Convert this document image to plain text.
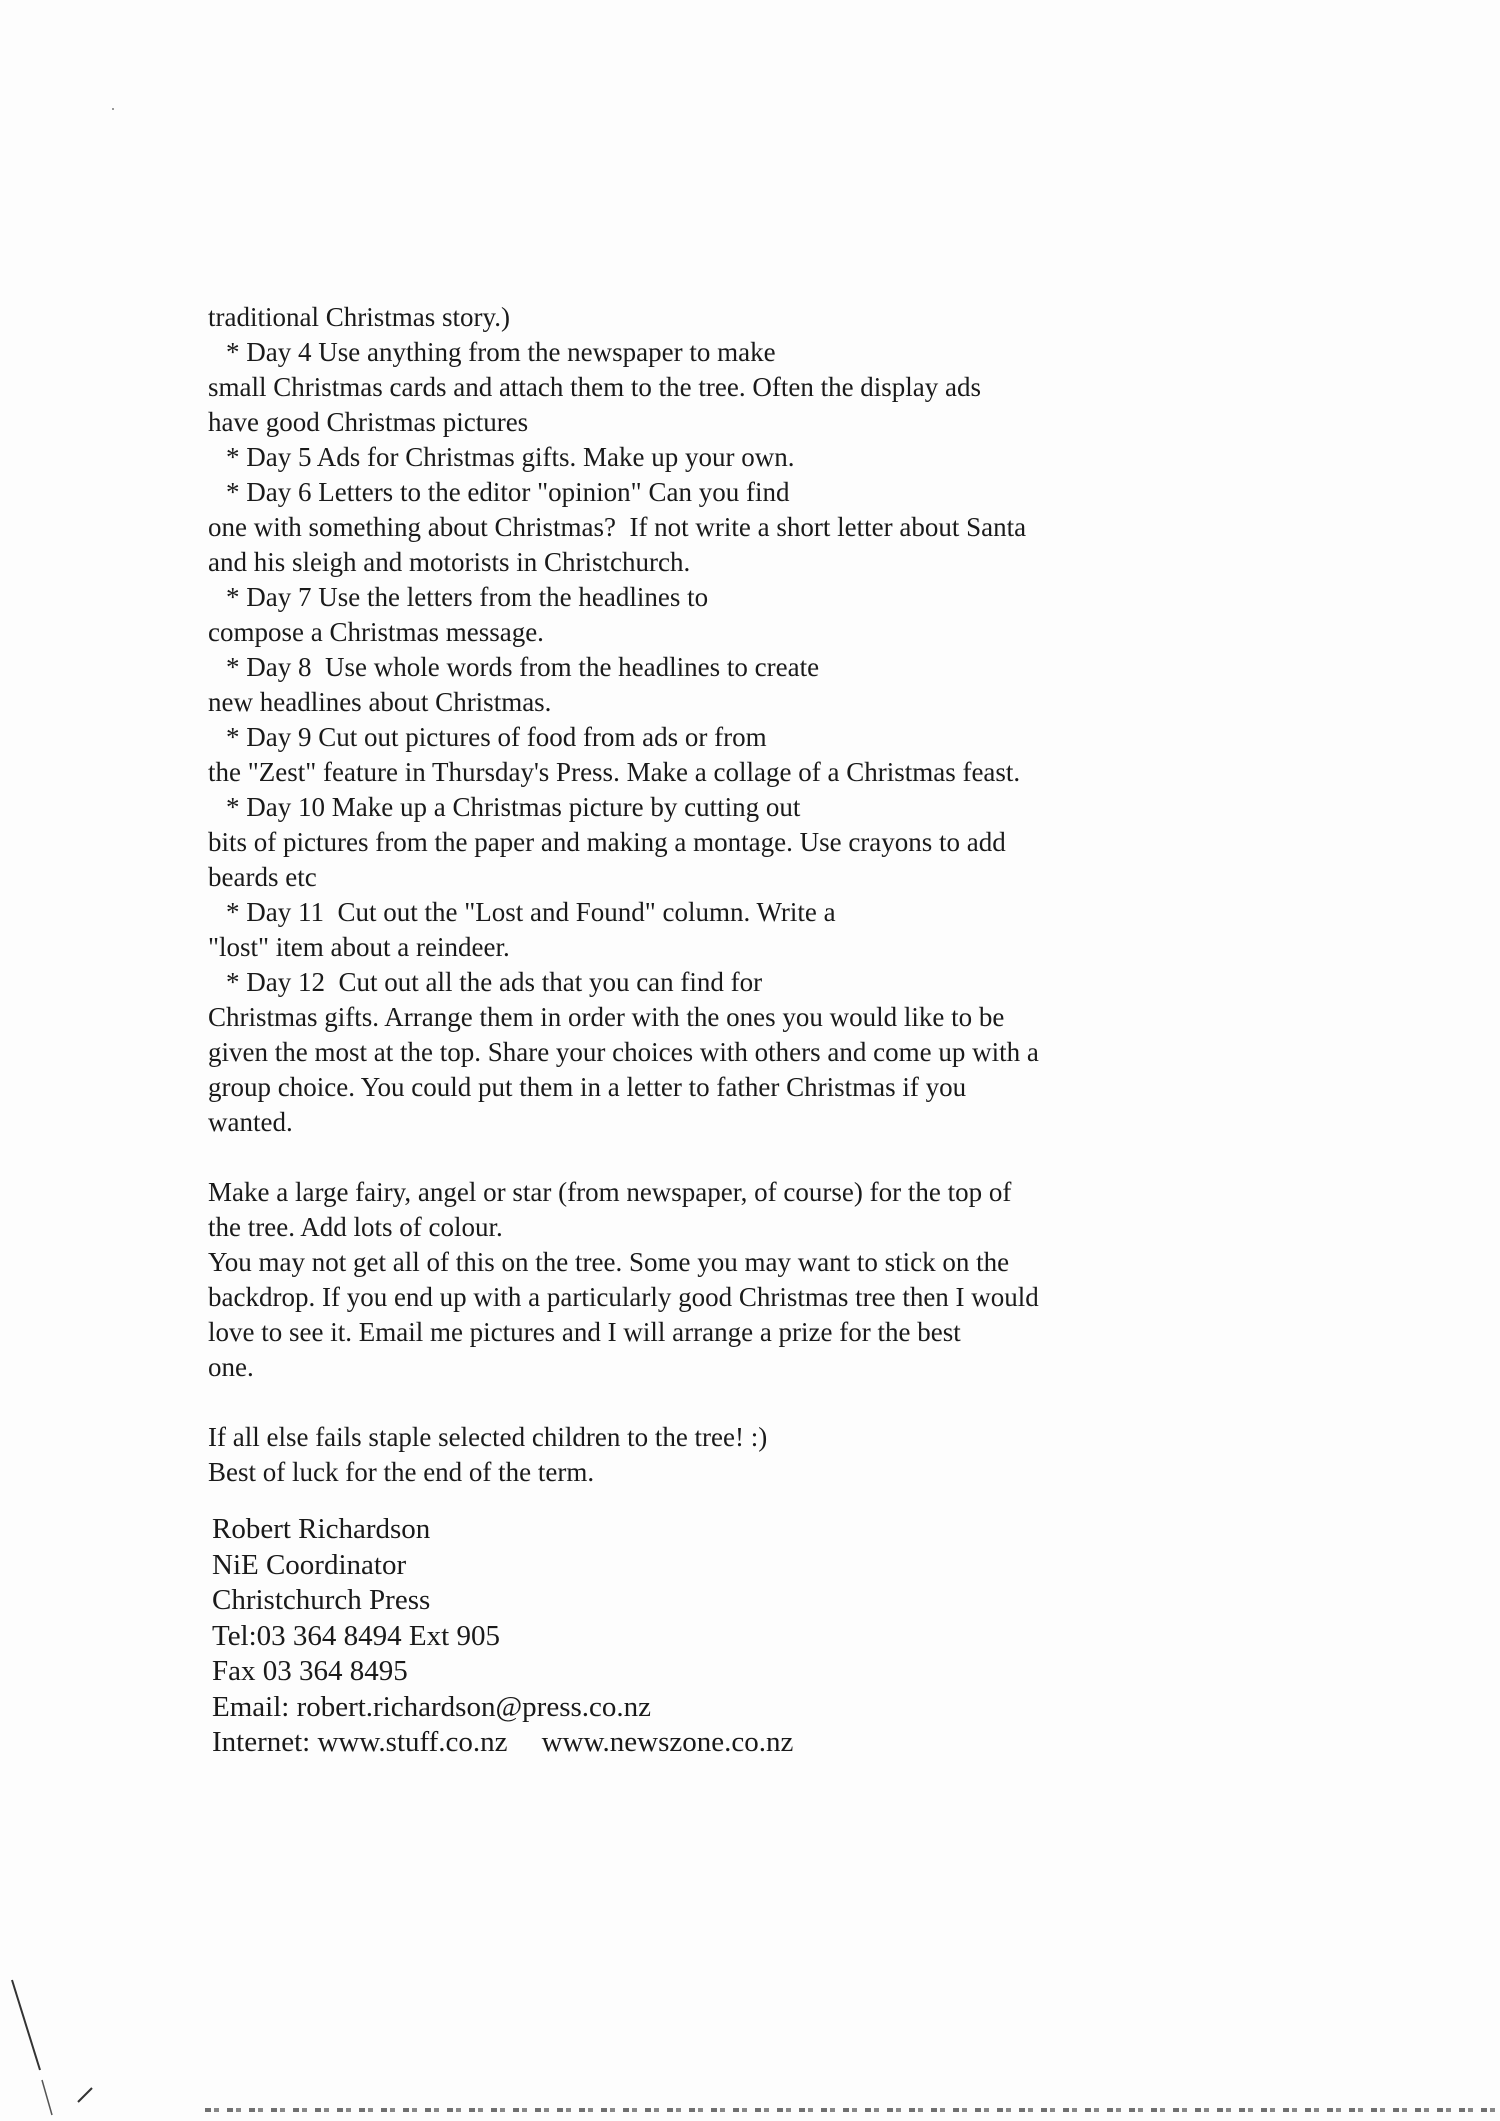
traditional Christmas story.)
* Day 4 Use anything from the newspaper to make
small Christmas cards and attach them to the tree. Often the display ads
have good Christmas pictures
* Day 5 Ads for Christmas gifts. Make up your own.
* Day 6 Letters to the editor "opinion" Can you find
one with something about Christmas?  If not write a short letter about Santa
and his sleigh and motorists in Christchurch.
* Day 7 Use the letters from the headlines to
compose a Christmas message.
* Day 8  Use whole words from the headlines to create
new headlines about Christmas.
* Day 9 Cut out pictures of food from ads or from
the "Zest" feature in Thursday's Press. Make a collage of a Christmas feast.
* Day 10 Make up a Christmas picture by cutting out
bits of pictures from the paper and making a montage. Use crayons to add
beards etc
* Day 11  Cut out the "Lost and Found" column. Write a
"lost" item about a reindeer.
* Day 12  Cut out all the ads that you can find for
Christmas gifts. Arrange them in order with the ones you would like to be
given the most at the top. Share your choices with others and come up with a
group choice. You could put them in a letter to father Christmas if you
wanted.
Make a large fairy, angel or star (from newspaper, of course) for the top of
the tree. Add lots of colour.
You may not get all of this on the tree. Some you may want to stick on the
backdrop. If you end up with a particularly good Christmas tree then I would
love to see it. Email me pictures and I will arrange a prize for the best
one.
If all else fails staple selected children to the tree! :)
Best of luck for the end of the term.
Robert Richardson
NiE Coordinator
Christchurch Press
Tel:03 364 8494 Ext 905
Fax 03 364 8495
Email: robert.richardson@press.co.nz
Internet: www.stuff.co.nz www.newszone.co.nz
